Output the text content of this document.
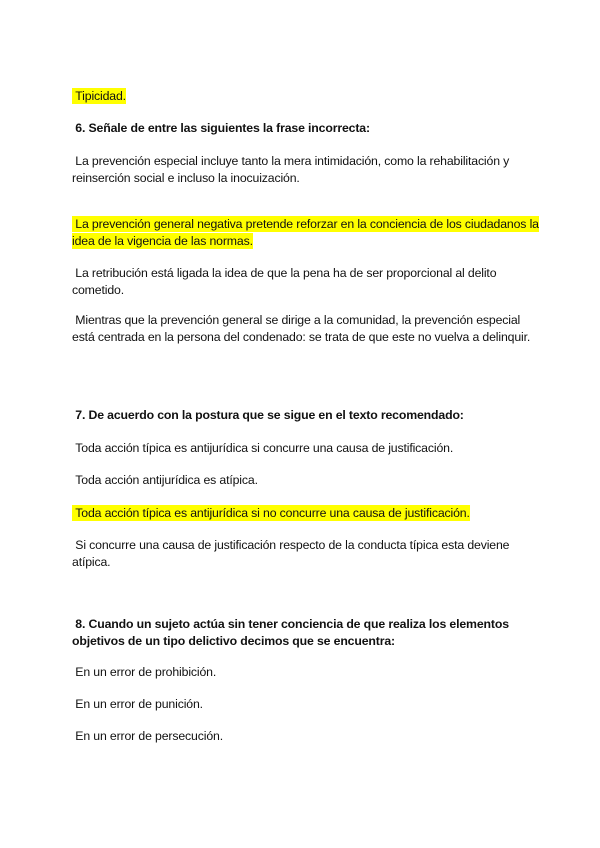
Tipicidad.
6. Señale de entre las siguientes la frase incorrecta:
La prevención especial incluye tanto la mera intimidación, como la rehabilitación y reinserción social e incluso la inocuización.
La prevención general negativa pretende reforzar en la conciencia de los ciudadanos la idea de la vigencia de las normas.
La retribución está ligada la idea de que la pena ha de ser proporcional al delito cometido.
Mientras que la prevención general se dirige a la comunidad, la prevención especial está centrada en la persona del condenado: se trata de que este no vuelva a delinquir.
7. De acuerdo con la postura que se sigue en el texto recomendado:
Toda acción típica es antijurídica si concurre una causa de justificación.
Toda acción antijurídica es atípica.
Toda acción típica es antijurídica si no concurre una causa de justificación.
Si concurre una causa de justificación respecto de la conducta típica esta deviene atípica.
8. Cuando un sujeto actúa sin tener conciencia de que realiza los elementos objetivos de un tipo delictivo decimos que se encuentra:
En un error de prohibición.
En un error de punición.
En un error de persecución.
